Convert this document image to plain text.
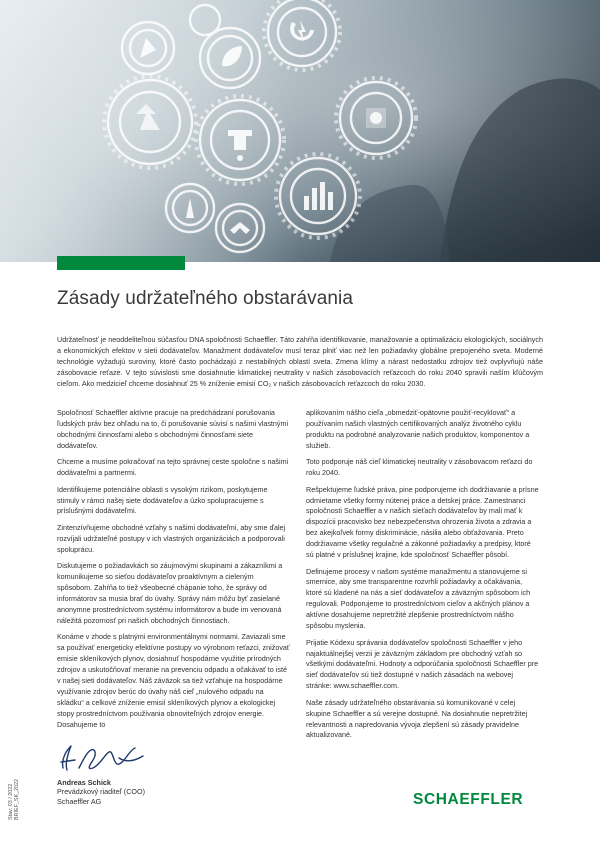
Zásady udržateľného obstarávania

Udržateľnosť je neoddeliteľnou súčasťou DNA spoločnosti Schaeffler. Táto zahŕňa identifikovanie, manažovanie a optimalizáciu ekologických, sociálnych a ekonomických efektov v sieti dodávateľov. Manažment dodávateľov musí teraz plniť viac než len požiadavky globálne prepojeného sveta. Moderné technológie vyžadujú suroviny, ktoré často pochádzajú z nestabilných oblastí sveta. Zmena klímy a nárast nedostatku zdrojov tiež ovplyvňujú náše zásobovacie reťaze. V tejto súvislosti sme dosiahnutie klimatickej neutrality v našich zásobovacích reťazcoch do roku 2040 spravili naším kľúčovým cieľom. Ako medzicieľ chceme dosiahnuť 25 % zníženie emisií CO₂ v našich zásobovacích reťazcoch do roku 2030.

Spoločnosť Schaeffler aktívne pracuje na predchádzaní porušovania ľudských práv bez ohľadu na to, či porušovanie súvisí s našimi vlastnými obchodnými činnosťami alebo s obchodnými činnosťami siete dodávateľov.

Chceme a musíme pokračovať na tejto správnej ceste spoločne s našimi dodávateľmi a partnermi.

Identifikujeme potenciálne oblasti s vysokým rizikom, poskytujeme stimuly v rámci našej siete dodávateľov a úzko spolupracujeme s príslušnými dodávateľmi.

Zintenzívňujeme obchodné vzťahy s našimi dodávateľmi, aby sme ďalej rozvíjali udržateľné postupy v ich vlastných organizáciách a podporovali spoluprácu.

Diskutujeme o požiadavkách so záujmovými skupinami a zákazníkmi a komunikujeme so sieťou dodávateľov proaktívnym a cieleným spôsobom. Zahŕňa to tiež všeobecné chápanie toho, že správy od informátorov sa musia brať do úvahy. Správy nám môžu byť zasielané anonymne prostredníctvom systému informátorov a bude im venovaná náležitá pozornosť pri našich obchodných činnostiach.

Konáme v zhode s platnými environmentálnymi normami. Zaviazali sme sa používať energeticky efektívne postupy vo výrobnom reťazci, znižovať emisie skleníkových plynov, dosiahnuť hospodárne využitie prírodných zdrojov a uskutočňovať meranie na prevenciu odpadu a očakávať to isté v našej sieti dodávateľov. Náš záväzok sa tiež vzťahuje na hospodárne využívanie zdrojov berúc do úvahy náš cieľ „nulového odpadu na skládku“ a celkové zníženie emisií skleníkových plynov a ekologickej stopy prostredníctvom používania obnoviteľných zdrojov energie. Dosahujeme to

aplikovaním nášho cieľa „obmedziť-opätovne použiť-recyklovať“ a používaním našich vlastných certifikovaných analýz životného cyklu produktu na podrobné analyzovanie našich produktov, komponentov a služieb.

Toto podporuje náš cieľ klimatickej neutrality v zásobovacom reťazci do roku 2040.

Rešpektujeme ľudské práva, pine podporujeme ich dodržiavanie a prísne odmietame všetky formy nútenej práce a detskej práce. Zamestnanci spoločnosti Schaeffler a v našich sieťach dodávateľov by mali mať k dispozícii pracovisko bez nebezpečenstva ohrozenia života a zdravia a bez akejkoľvek formy diskriminácie, násilia alebo obťažovania. Preto dodržiavame všetky regulačné a zákonné požiadavky a predpisy, ktoré sú platné v príslušnej krajine, kde spoločnosť Schaeffler pôsobí.

Definujeme procesy v našom systéme manažmentu a stanovujeme si smernice, aby sme transparentne rozvrhli požiadavky a očakávania, ktoré sú kladené na nás a sieť dodávateľov a záväzným spôsobom ich regulovali. Podporujeme to prostredníctvom cieľov a akčných plánov a aktívne dosahujeme nepretržité zlepšenie prostredníctvom nášho spôsobu myslenia.

Prijatie Kódexu správania dodávateľov spoločnosti Schaeffler v jeho najaktuálnejšej verzii je záväzným základom pre obchodný vzťah so všetkými dodávateľmi. Hodnoty a odporúčania spoločnosti Schaeffler pre sieť dodávateľov sú tiež dostupné v našich zásadách na webovej stránke: www.schaeffler.com.

Naše zásady udržateľného obstarávania sú komunikované v celej skupine Schaeffler a sú verejne dostupné. Na dosiahnutie nepretržitej relevantnosti a napredovania vývoja zlepšení sú zásady pravidelne aktualizované.

Andreas Schick
Prevádzkový riaditeľ (COO)
Schaeffler AG	SCHAEFFLER
Stav: 03 / 2022 BRIEF_SK_2022
